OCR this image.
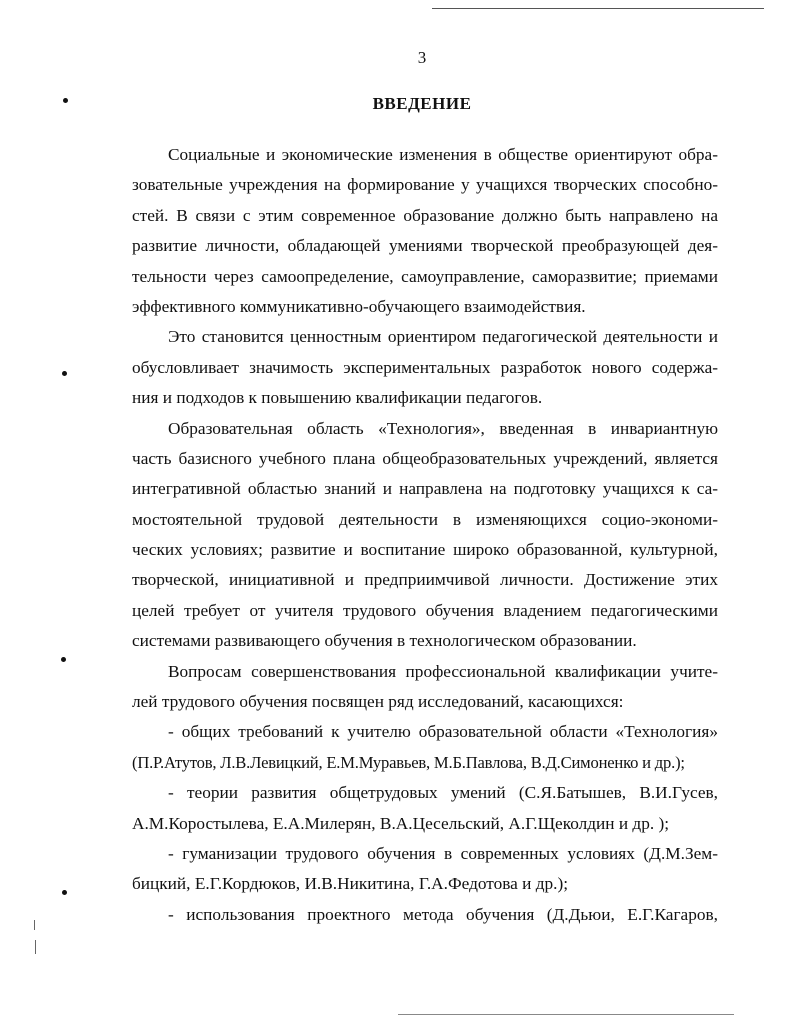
3
ВВЕДЕНИЕ
Социальные и экономические изменения в обществе ориентируют обра-
зовательные учреждения на формирование у учащихся творческих способно-
стей. В связи с этим современное образование должно быть направлено на
развитие личности, обладающей умениями творческой преобразующей дея-
тельности через самоопределение, самоуправление, саморазвитие; приемами
эффективного коммуникативно-обучающего взаимодействия.
Это становится ценностным ориентиром педагогической деятельности и
обусловливает значимость экспериментальных разработок нового содержа-
ния и подходов к повышению квалификации педагогов.
Образовательная область «Технология», введенная в инвариантную
часть базисного учебного плана общеобразовательных учреждений, является
интегративной областью знаний и направлена на подготовку учащихся к са-
мостоятельной трудовой деятельности в изменяющихся социо-экономи-
ческих условиях; развитие и воспитание широко образованной, культурной,
творческой, инициативной и предприимчивой личности. Достижение этих
целей требует от учителя трудового обучения владением педагогическими
системами развивающего обучения в технологическом образовании.
Вопросам совершенствования профессиональной квалификации учите-
лей трудового обучения посвящен ряд исследований, касающихся:
- общих требований к учителю образовательной области «Технология»
(П.Р.Атутов, Л.В.Левицкий, Е.М.Муравьев, М.Б.Павлова, В.Д.Симоненко и др.);
- теории развития общетрудовых умений (С.Я.Батышев, В.И.Гусев,
А.М.Коростылева, Е.А.Милерян, В.А.Цесельский, А.Г.Щеколдин и др. );
- гуманизации трудового обучения в современных условиях (Д.М.Зем-
бицкий, Е.Г.Кордюков, И.В.Никитина, Г.А.Федотова и др.);
- использования проектного метода обучения (Д.Дьюи, Е.Г.Кагаров,
